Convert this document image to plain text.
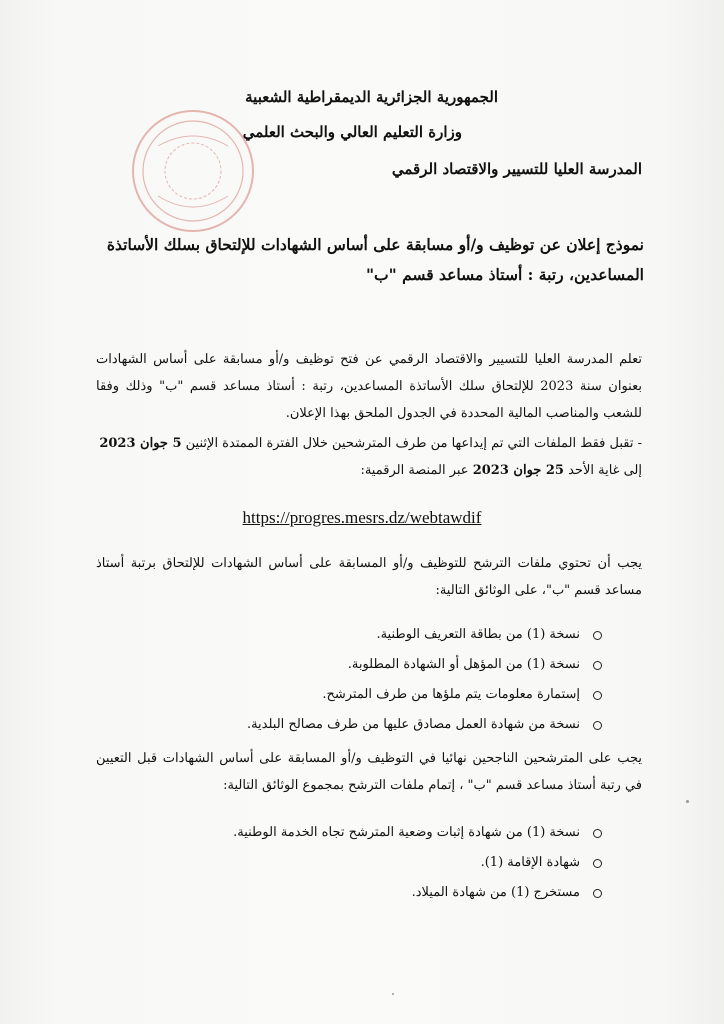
الجمهورية الجزائرية الديمقراطية الشعبية
وزارة التعليم العالي والبحث العلمي
المدرسة العليا للتسيير والاقتصاد الرقمي
نموذج إعلان عن توظيف و/أو مسابقة على أساس الشهادات للإلتحاق بسلك الأساتذة
المساعدين، رتبة : أستاذ مساعد قسم "ب"
تعلم المدرسة العليا للتسيير والاقتصاد الرقمي عن فتح توظيف و/أو مسابقة على أساس الشهادات بعنوان سنة 2023 للإلتحاق سلك الأساتذة المساعدين، رتبة : أستاذ مساعد قسم "ب" وذلك وفقا للشعب والمناصب المالية المحددة في الجدول الملحق بهذا الإعلان.
- تقبل فقط الملفات التي تم إيداعها من طرف المترشحين خلال الفترة الممتدة الإثنين 5 جوان 2023 إلى غاية الأحد 25 جوان 2023 عبر المنصة الرقمية:
https://progres.mesrs.dz/webtawdif
يجب أن تحتوي ملفات الترشح للتوظيف و/أو المسابقة على أساس الشهادات للإلتحاق برتبة أستاذ مساعد قسم "ب"، على الوثائق التالية:
نسخة (1) من بطاقة التعريف الوطنية.
نسخة (1) من المؤهل أو الشهادة المطلوبة.
إستمارة معلومات يتم ملؤها من طرف المترشح.
نسخة من شهادة العمل مصادق عليها من طرف مصالح البلدية.
يجب على المترشحين الناجحين نهائيا في التوظيف و/أو المسابقة على أساس الشهادات قبل التعيين في رتبة أستاذ مساعد قسم "ب" ، إتمام ملفات الترشح بمجموع الوثائق التالية:
نسخة (1) من شهادة إثبات وضعية المترشح تجاه الخدمة الوطنية.
شهادة الإقامة (1).
مستخرج (1) من شهادة الميلاد.
